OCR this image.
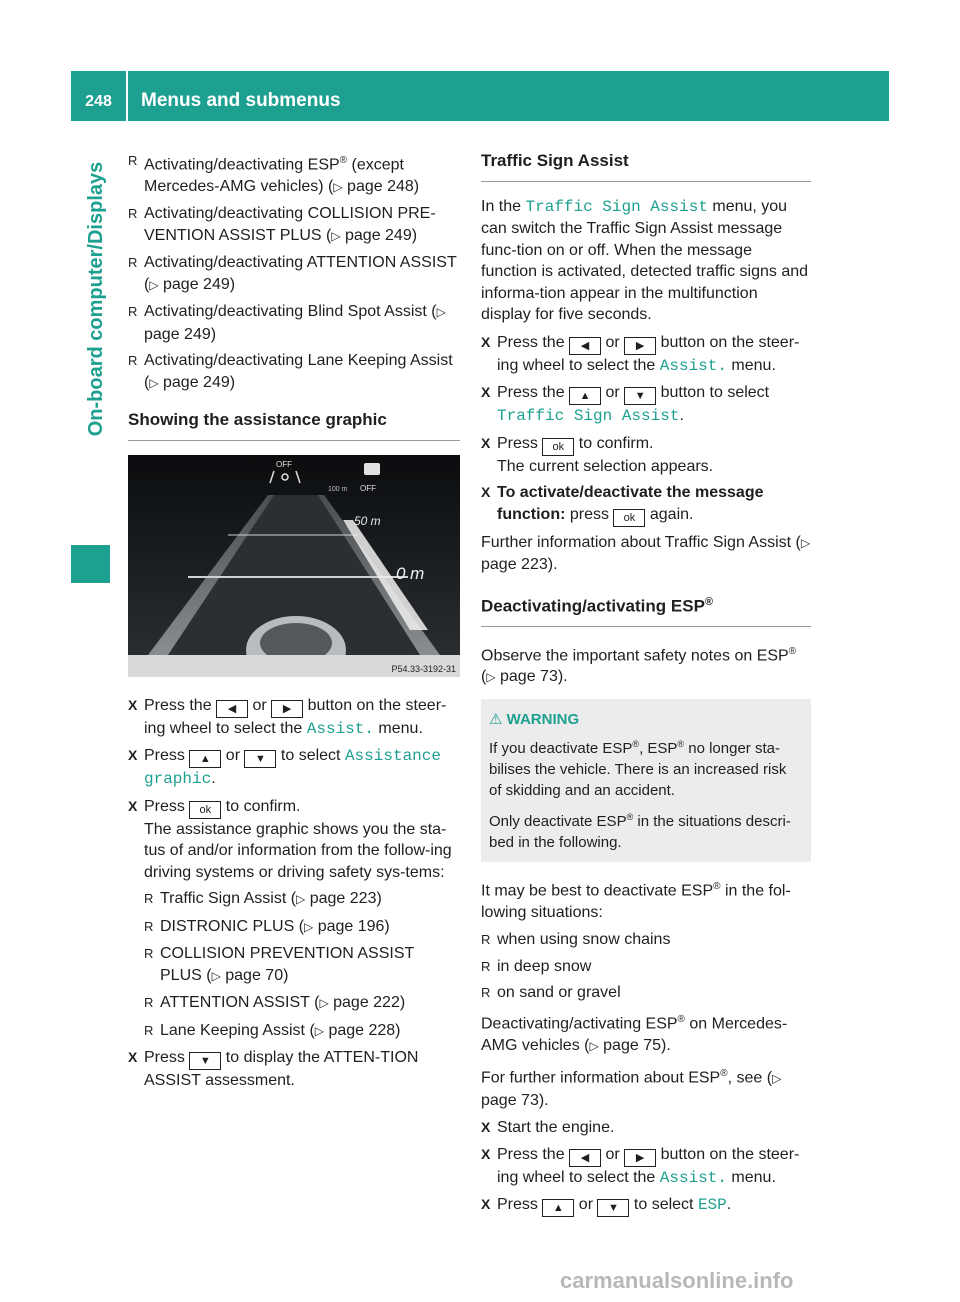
248	Menus and submenus
On-board computer/Displays
R	Activating/deactivating ESP® (except Mercedes-AMG vehicles) (▷ page 248)
R Activating/deactivating COLLISION PRE-VENTION ASSIST PLUS (▷ page 249)
R Activating/deactivating ATTENTION ASSIST (▷ page 249)
R Activating/deactivating Blind Spot Assist (▷ page 249)
R Activating/deactivating Lane Keeping Assist (▷ page 249)
Showing the assistance graphic
OFF
OFF
100 m
50 m
0 m
P54.33-3192-31
X Press the ◀ or ▶ button on the steer-ing wheel to select the Assist. menu.
X Press ▲ or ▼ to select Assistance graphic.
X Press ok to confirm.
The assistance graphic shows you the sta-tus of and/or information from the follow-ing driving systems or driving safety sys-tems:
R Traffic Sign Assist (▷ page 223)
R DISTRONIC PLUS (▷ page 196)
R COLLISION PREVENTION ASSIST PLUS (▷ page 70)
R ATTENTION ASSIST (▷ page 222)
R Lane Keeping Assist (▷ page 228)
X Press ▼ to display the ATTEN-TION ASSIST assessment.
Traffic Sign Assist

In the Traffic Sign Assist menu, you can switch the Traffic Sign Assist message func-tion on or off. When the message function is activated, detected traffic signs and informa-tion appear in the multifunction display for five seconds.

X Press the ◀ or ▶ button on the steer-ing wheel to select the Assist. menu.
X Press the ▲ or ▼ button to select Traffic Sign Assist.
X Press ok to confirm.
The current selection appears.
X To activate/deactivate the message function: press ok again.

Further information about Traffic Sign Assist (▷ page 223).

Deactivating/activating ESP®

Observe the important safety notes on ESP® (▷ page 73).

⚠ WARNING

If you deactivate ESP®, ESP® no longer sta-bilises the vehicle. There is an increased risk of skidding and an accident.

Only deactivate ESP® in the situations descri-bed in the following.

It may be best to deactivate ESP® in the fol-lowing situations:

R when using snow chains
R in deep snow
R on sand or gravel

Deactivating/activating ESP® on Mercedes-AMG vehicles (▷ page 75).

For further information about ESP®, see (▷ page 73).

X Start the engine.
X Press the ◀ or ▶ button on the steer-ing wheel to select the Assist. menu.
X Press ▲ or ▼ to select ESP.
carmanualsonline.info
